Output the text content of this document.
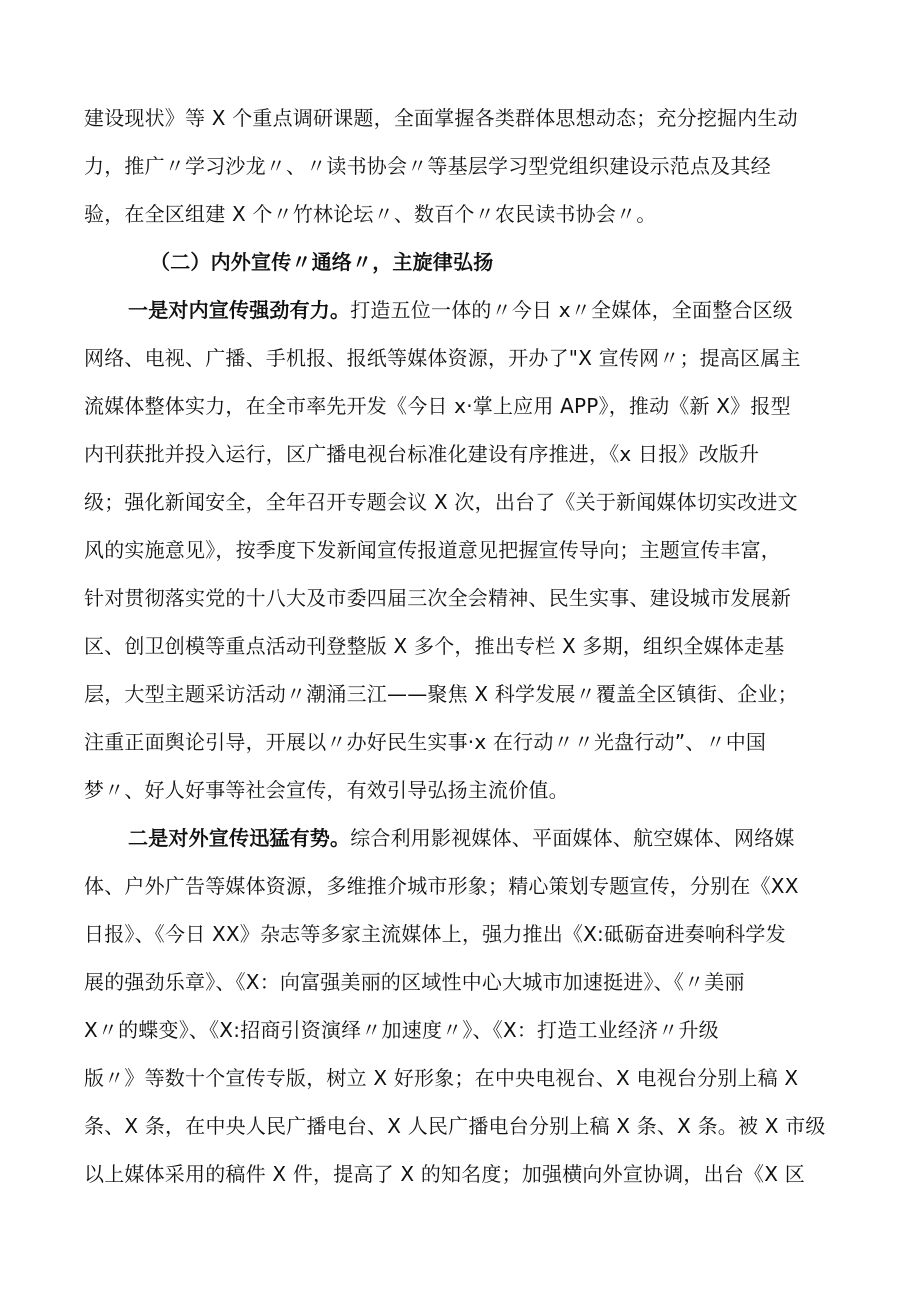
建设现状》等 X 个重点调研课题，全面掌握各类群体思想动态；充分挖掘内生动
力，推广〃学习沙龙〃、〃读书协会〃等基层学习型党组织建设示范点及其经
验，在全区组建 X 个〃竹林论坛〃、数百个〃农民读书协会〃。
（二）内外宣传〃通络〃，主旋律弘扬
一是对内宣传强劲有力。打造五位一体的〃今日 x〃全媒体，全面整合区级
网络、电视、广播、手机报、报纸等媒体资源，开办了"X 宣传网〃；提高区属主
流媒体整体实力，在全市率先开发《今日 x·掌上应用 APP》，推动《新 X》报型
内刊获批并投入运行，区广播电视台标准化建设有序推进，《x 日报》改版升
级；强化新闻安全，全年召开专题会议 X 次，出台了《关于新闻媒体切实改进文
风的实施意见》，按季度下发新闻宣传报道意见把握宣传导向；主题宣传丰富，
针对贯彻落实党的十八大及市委四届三次全会精神、民生实事、建设城市发展新
区、创卫创模等重点活动刊登整版 X 多个，推出专栏 X 多期，组织全媒体走基
层，大型主题采访活动〃潮涌三江——聚焦 X 科学发展〃覆盖全区镇街、企业；
注重正面舆论引导，开展以〃办好民生实事·x 在行动〃〃光盘行动”、〃中国
梦〃、好人好事等社会宣传，有效引导弘扬主流价值。
二是对外宣传迅猛有势。综合利用影视媒体、平面媒体、航空媒体、网络媒
体、户外广告等媒体资源，多维推介城市形象；精心策划专题宣传，分别在《XX
日报》、《今日 XX》杂志等多家主流媒体上，强力推出《X:砥砺奋进奏响科学发
展的强劲乐章》、《X：向富强美丽的区域性中心大城市加速挺进》、《〃美丽
X〃的蝶变》、《X:招商引资演绎〃加速度〃》、《X：打造工业经济〃升级
版〃》等数十个宣传专版，树立 X 好形象；在中央电视台、X 电视台分别上稿 X
条、X 条，在中央人民广播电台、X 人民广播电台分别上稿 X 条、X 条。被 X 市级
以上媒体采用的稿件 X 件，提高了 X 的知名度；加强横向外宣协调，出台《X 区
